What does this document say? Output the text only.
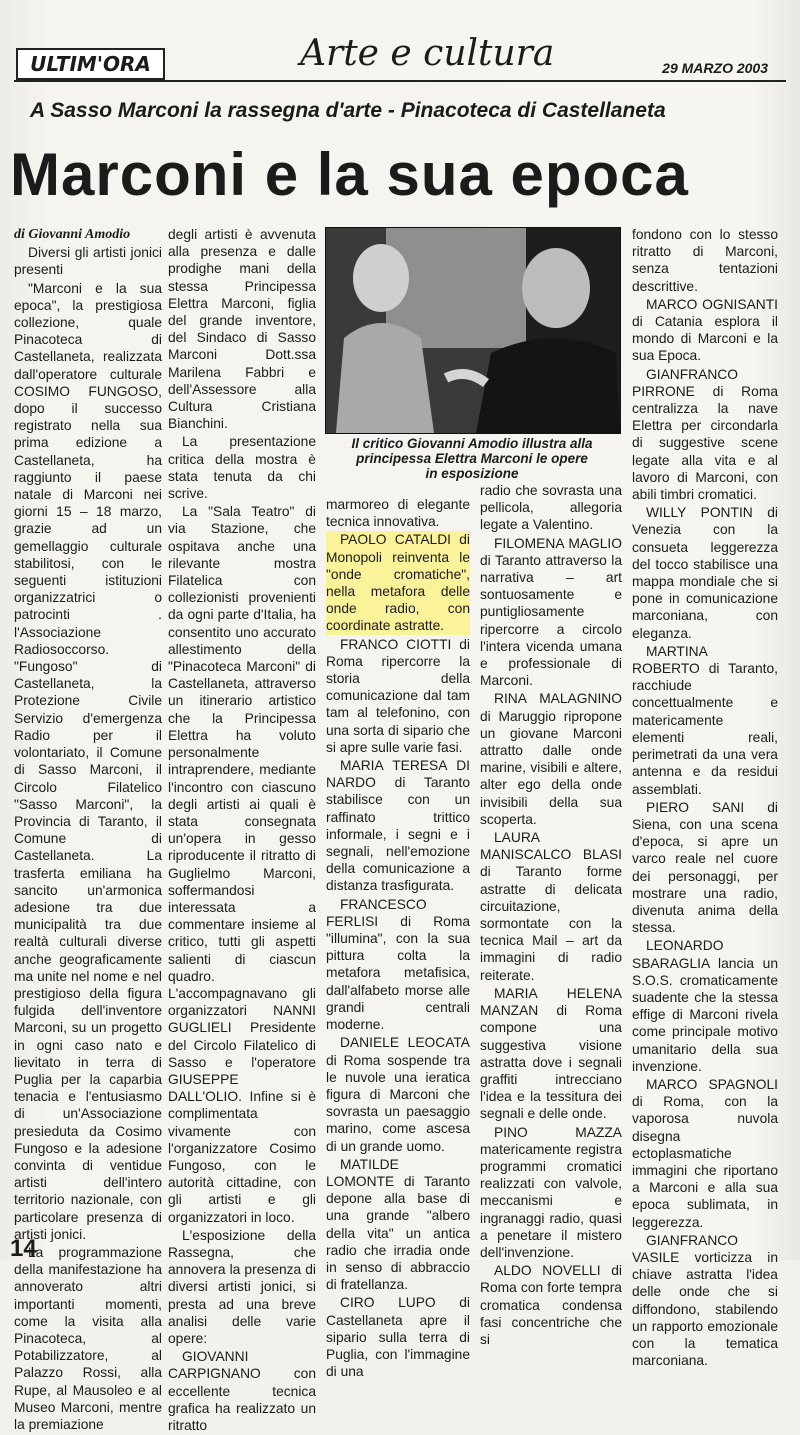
ULTIM'ORA	Arte e cultura	29 MARZO 2003
A Sasso Marconi la rassegna d'arte - Pinacoteca di Castellaneta
Marconi e la sua epoca

di Giovanni Amodio

Diversi gli artisti jonici presenti

"Marconi e la sua epoca", la prestigiosa collezione, quale Pinacoteca di Castellaneta, realizzata dall'operatore culturale COSIMO FUNGOSO, dopo il successo registrato nella sua prima edizione a Castellaneta, ha raggiunto il paese natale di Marconi nei giorni 15 – 18 marzo, grazie ad un gemellaggio culturale stabilitosi, con le seguenti istituzioni organizzatrici o patrocinti . l'Associazione Radiosoccorso. "Fungoso" di Castellaneta, la Protezione Civile Servizio d'emergenza Radio per il volontariato, il Comune di Sasso Marconi, il Circolo Filatelico "Sasso Marconi", la Provincia di Taranto, il Comune di Castellaneta. La trasferta emiliana ha sancito un'armonica adesione tra due municipalità tra due realtà culturali diverse anche geograficamente ma unite nel nome e nel prestigioso della figura fulgida dell'inventore Marconi, su un progetto in ogni caso nato e lievitato in terra di Puglia per la caparbia tenacia e l'entusiasmo di un'Associazione presieduta da Cosimo Fungoso e la adesione convinta di ventidue artisti dell'intero territorio nazionale, con particolare presenza di artisti jonici.

La programmazione della manifestazione ha annoverato altri importanti momenti, come la visita alla Pinacoteca, al Potabilizzatore, al Palazzo Rossi, alla Rupe, al Mausoleo e al Museo Marconi, mentre la premiazione

degli artisti è avvenuta alla presenza e dalle prodighe mani della stessa Principessa Elettra Marconi, figlia del grande inventore, del Sindaco di Sasso Marconi Dott.ssa Marilena Fabbri e dell'Assessore alla Cultura Cristiana Bianchini.

La presentazione critica della mostra è stata tenuta da chi scrive.

La "Sala Teatro" di via Stazione, che ospitava anche una rilevante mostra Filatelica con collezionisti provenienti da ogni parte d'Italia, ha consentito uno accurato allestimento della "Pinacoteca Marconi" di Castellaneta, attraverso un itinerario artistico che la Principessa Elettra ha voluto personalmente intraprendere, mediante l'incontro con ciascuno degli artisti ai quali è stata consegnata un'opera in gesso riproducente il ritratto di Guglielmo Marconi, soffermandosi interessata a commentare insieme al critico, tutti gli aspetti salienti di ciascun quadro. L'accompagnavano gli organizzatori NANNI GUGLIELI Presidente del Circolo Filatelico di Sasso e l'operatore GIUSEPPE DALL'OLIO. Infine si è complimentata vivamente con l'organizzatore Cosimo Fungoso, con le autorità cittadine, con gli artisti e gli organizzatori in loco.

L'esposizione della Rassegna, che annovera la presenza di diversi artisti jonici, si presta ad una breve analisi delle varie opere:

GIOVANNI CARPIGNANO con eccellente tecnica grafica ha realizzato un ritratto

Il critico Giovanni Amodio illustra alla
principessa Elettra Marconi le opere
in esposizione

marmoreo di elegante tecnica innovativa.

PAOLO CATALDI di Monopoli reinventa le "onde cromatiche", nella metafora delle onde radio, con coordinate astratte.

FRANCO CIOTTI di Roma ripercorre la storia della comunicazione dal tam tam al telefonino, con una sorta di sipario che si apre sulle varie fasi.

MARIA TERESA DI NARDO di Taranto stabilisce con un raffinato trittico informale, i segni e i segnali, nell'emozione della comunicazione a distanza trasfigurata.

FRANCESCO FERLISI di Roma "illumina", con la sua pittura colta la metafora metafisica, dall'alfabeto morse alle grandi centrali moderne.

DANIELE LEOCATA di Roma sospende tra le nuvole una ieratica figura di Marconi che sovrasta un paesaggio marino, come ascesa di un grande uomo.

MATILDE LOMONTE di Taranto depone alla base di una grande "albero della vita" un antica radio che irradia onde in senso di abbraccio di fratellanza.

CIRO LUPO di Castellaneta apre il sipario sulla terra di Puglia, con l'immagine di una

radio che sovrasta una pellicola, allegoria legate a Valentino.

FILOMENA MAGLIO di Taranto attraverso la narrativa – art sontuosamente e puntigliosamente ripercorre a circolo l'intera vicenda umana e professionale di Marconi.

RINA MALAGNINO di Maruggio ripropone un giovane Marconi attratto dalle onde marine, visibili e altere, alter ego della onde invisibili della sua scoperta.

LAURA MANISCALCO BLASI di Taranto forme astratte di delicata circuitazione, sormontate con la tecnica Mail – art da immagini di radio reiterate.

MARIA HELENA MANZAN di Roma compone una suggestiva visione astratta dove i segnali graffiti intrecciano l'idea e la tessitura dei segnali e delle onde.

PINO MAZZA matericamente registra programmi cromatici realizzati con valvole, meccanismi e ingranaggi radio, quasi a penetare il mistero dell'invenzione.

ALDO NOVELLI di Roma con forte tempra cromatica condensa fasi concentriche che si

fondono con lo stesso ritratto di Marconi, senza tentazioni descrittive.

MARCO OGNISANTI di Catania esplora il mondo di Marconi e la sua Epoca.

GIANFRANCO PIRRONE di Roma centralizza la nave Elettra per circondarla di suggestive scene legate alla vita e al lavoro di Marconi, con abili timbri cromatici.

WILLY PONTIN di Venezia con la consueta leggerezza del tocco stabilisce una mappa mondiale che si pone in comunicazione marconiana, con eleganza.

MARTINA ROBERTO di Taranto, racchiude concettualmente e matericamente elementi reali, perimetrati da una vera antenna e da residui assemblati.

PIERO SANI di Siena, con una scena d'epoca, si apre un varco reale nel cuore dei personaggi, per mostrare una radio, divenuta anima della stessa.

LEONARDO SBARAGLIA lancia un S.O.S. cromaticamente suadente che la stessa effige di Marconi rivela come principale motivo umanitario della sua invenzione.

MARCO SPAGNOLI di Roma, con la vaporosa nuvola disegna ectoplasmatiche immagini che riportano a Marconi e alla sua epoca sublimata, in leggerezza.

GIANFRANCO VASILE vorticizza in chiave astratta l'idea delle onde che si diffondono, stabilendo un rapporto emozionale con la tematica marconiana.

14
